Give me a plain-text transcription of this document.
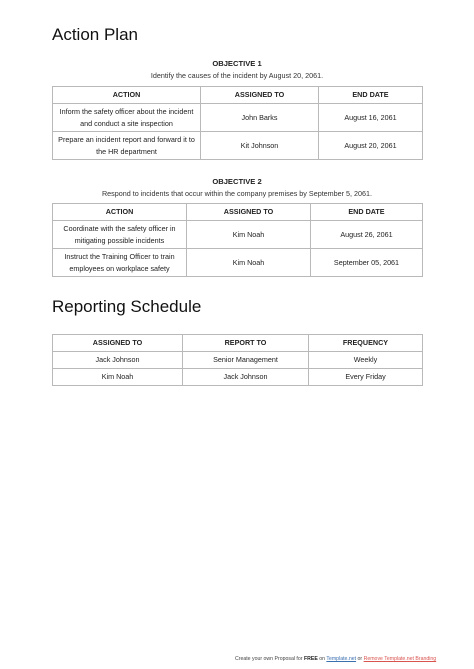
Action Plan
OBJECTIVE 1
Identify the causes of the incident by August 20, 2061.
ACTION	ASSIGNED TO	END DATE
Inform the safety officer about the incident and conduct a site inspection	John Barks	August 16, 2061
Prepare an incident report and forward it to the HR department	Kit Johnson	August 20, 2061
OBJECTIVE 2
Respond to incidents that occur within the company premises by September 5, 2061.
ACTION	ASSIGNED TO	END DATE
Coordinate with the safety officer in mitigating possible incidents	Kim Noah	August 26, 2061
Instruct the Training Officer to train employees on workplace safety	Kim Noah	September 05, 2061
Reporting Schedule
ASSIGNED TO	REPORT TO	FREQUENCY
Jack Johnson	Senior Management	Weekly
Kim Noah	Jack Johnson	Every Friday
Create your own Proposal for FREE on Template.net or Remove Template.net Branding
